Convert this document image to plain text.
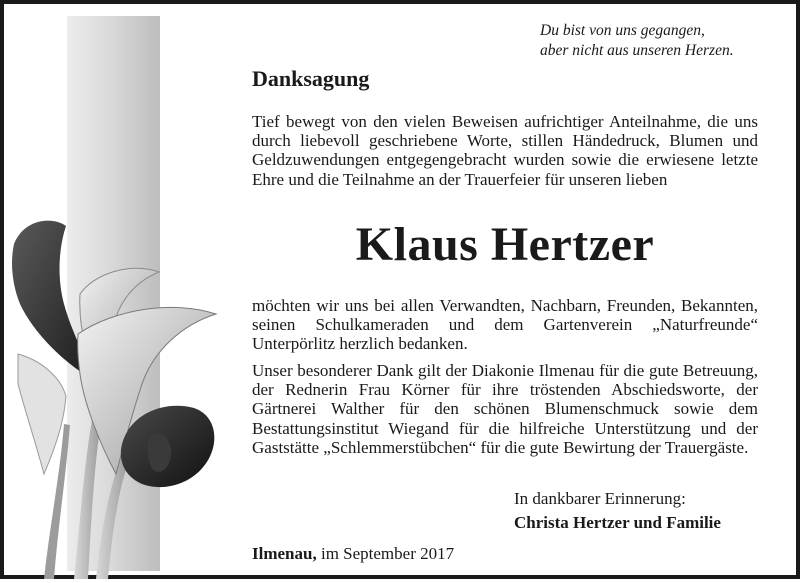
Du bist von uns gegangen,
aber nicht aus unseren Herzen.
Danksagung
Tief bewegt von den vielen Beweisen aufrichtiger Anteilnahme, die uns durch liebevoll geschriebene Worte, stillen Händedruck, Blumen und Geldzuwendungen entgegengebracht wurden sowie die erwiesene letzte Ehre und die Teilnahme an der Trauerfeier für unseren lieben
Klaus Hertzer
möchten wir uns bei allen Verwandten, Nachbarn, Freunden, Bekannten, seinen Schulkameraden und dem Gartenverein „Naturfreunde“ Unterpörlitz herzlich bedanken.
Unser besonderer Dank gilt der Diakonie Ilmenau für die gute Betreuung, der Rednerin Frau Körner für ihre tröstenden Abschiedsworte, der Gärtnerei Walther für den schönen Blumenschmuck sowie dem Bestattungsinstitut Wiegand für die hilfreiche Unterstützung und der Gaststätte „Schlemmerstübchen“ für die gute Bewirtung der Trauergäste.
In dankbarer Erinnerung:
Christa Hertzer und Familie
Ilmenau, im September 2017
